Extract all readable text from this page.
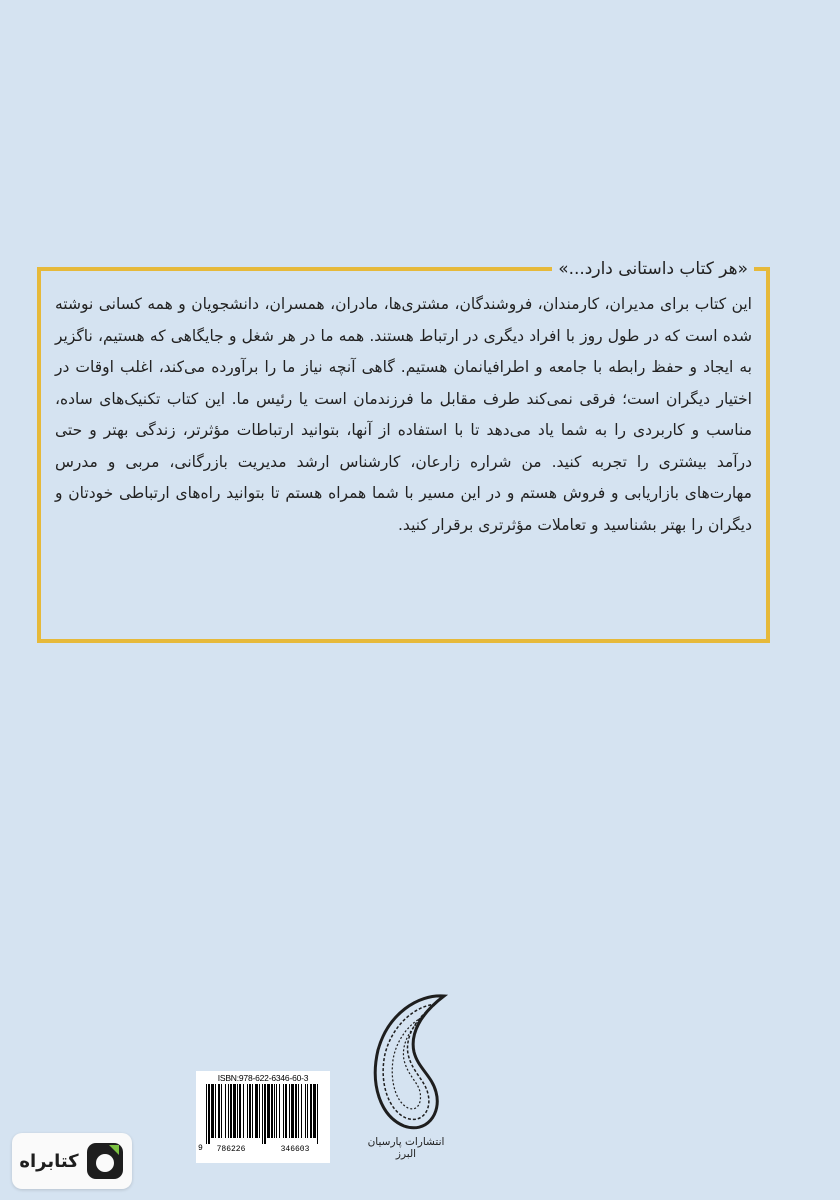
«هر کتاب داستانی دارد...»

این کتاب برای مدیران، کارمندان، فروشندگان، مشتری‌ها، مادران، همسران، دانشجویان و همه کسانی نوشته شده است که در طول روز با افراد دیگری در ارتباط هستند. همه ما در هر شغل و جایگاهی که هستیم، ناگزیر به ایجاد و حفظ رابطه با جامعه و اطرافیانمان هستیم. گاهی آنچه نیاز ما را برآورده می‌کند، اغلب اوقات در اختیار دیگران است؛ فرقی نمی‌کند طرف مقابل ما فرزندمان است یا رئیس ما. این کتاب تکنیک‌های ساده، مناسب و کاربردی را به شما یاد می‌دهد تا با استفاده از آنها، بتوانید ارتباطات مؤثرتر، زندگی بهتر و حتی درآمد بیشتری را تجربه کنید. من شراره زارعان، کارشناس ارشد مدیریت بازرگانی، مربی و مدرس مهارت‌های بازاریابی و فروش هستم و در این مسیر با شما همراه هستم تا بتوانید راه‌های ارتباطی خودتان و دیگران را بهتر بشناسید و تعاملات مؤثرتری برقرار کنید.

ISBN:978-622-6346-60-3
9 786226	346603
انتشارات پارسیان البرز
کتابراه
